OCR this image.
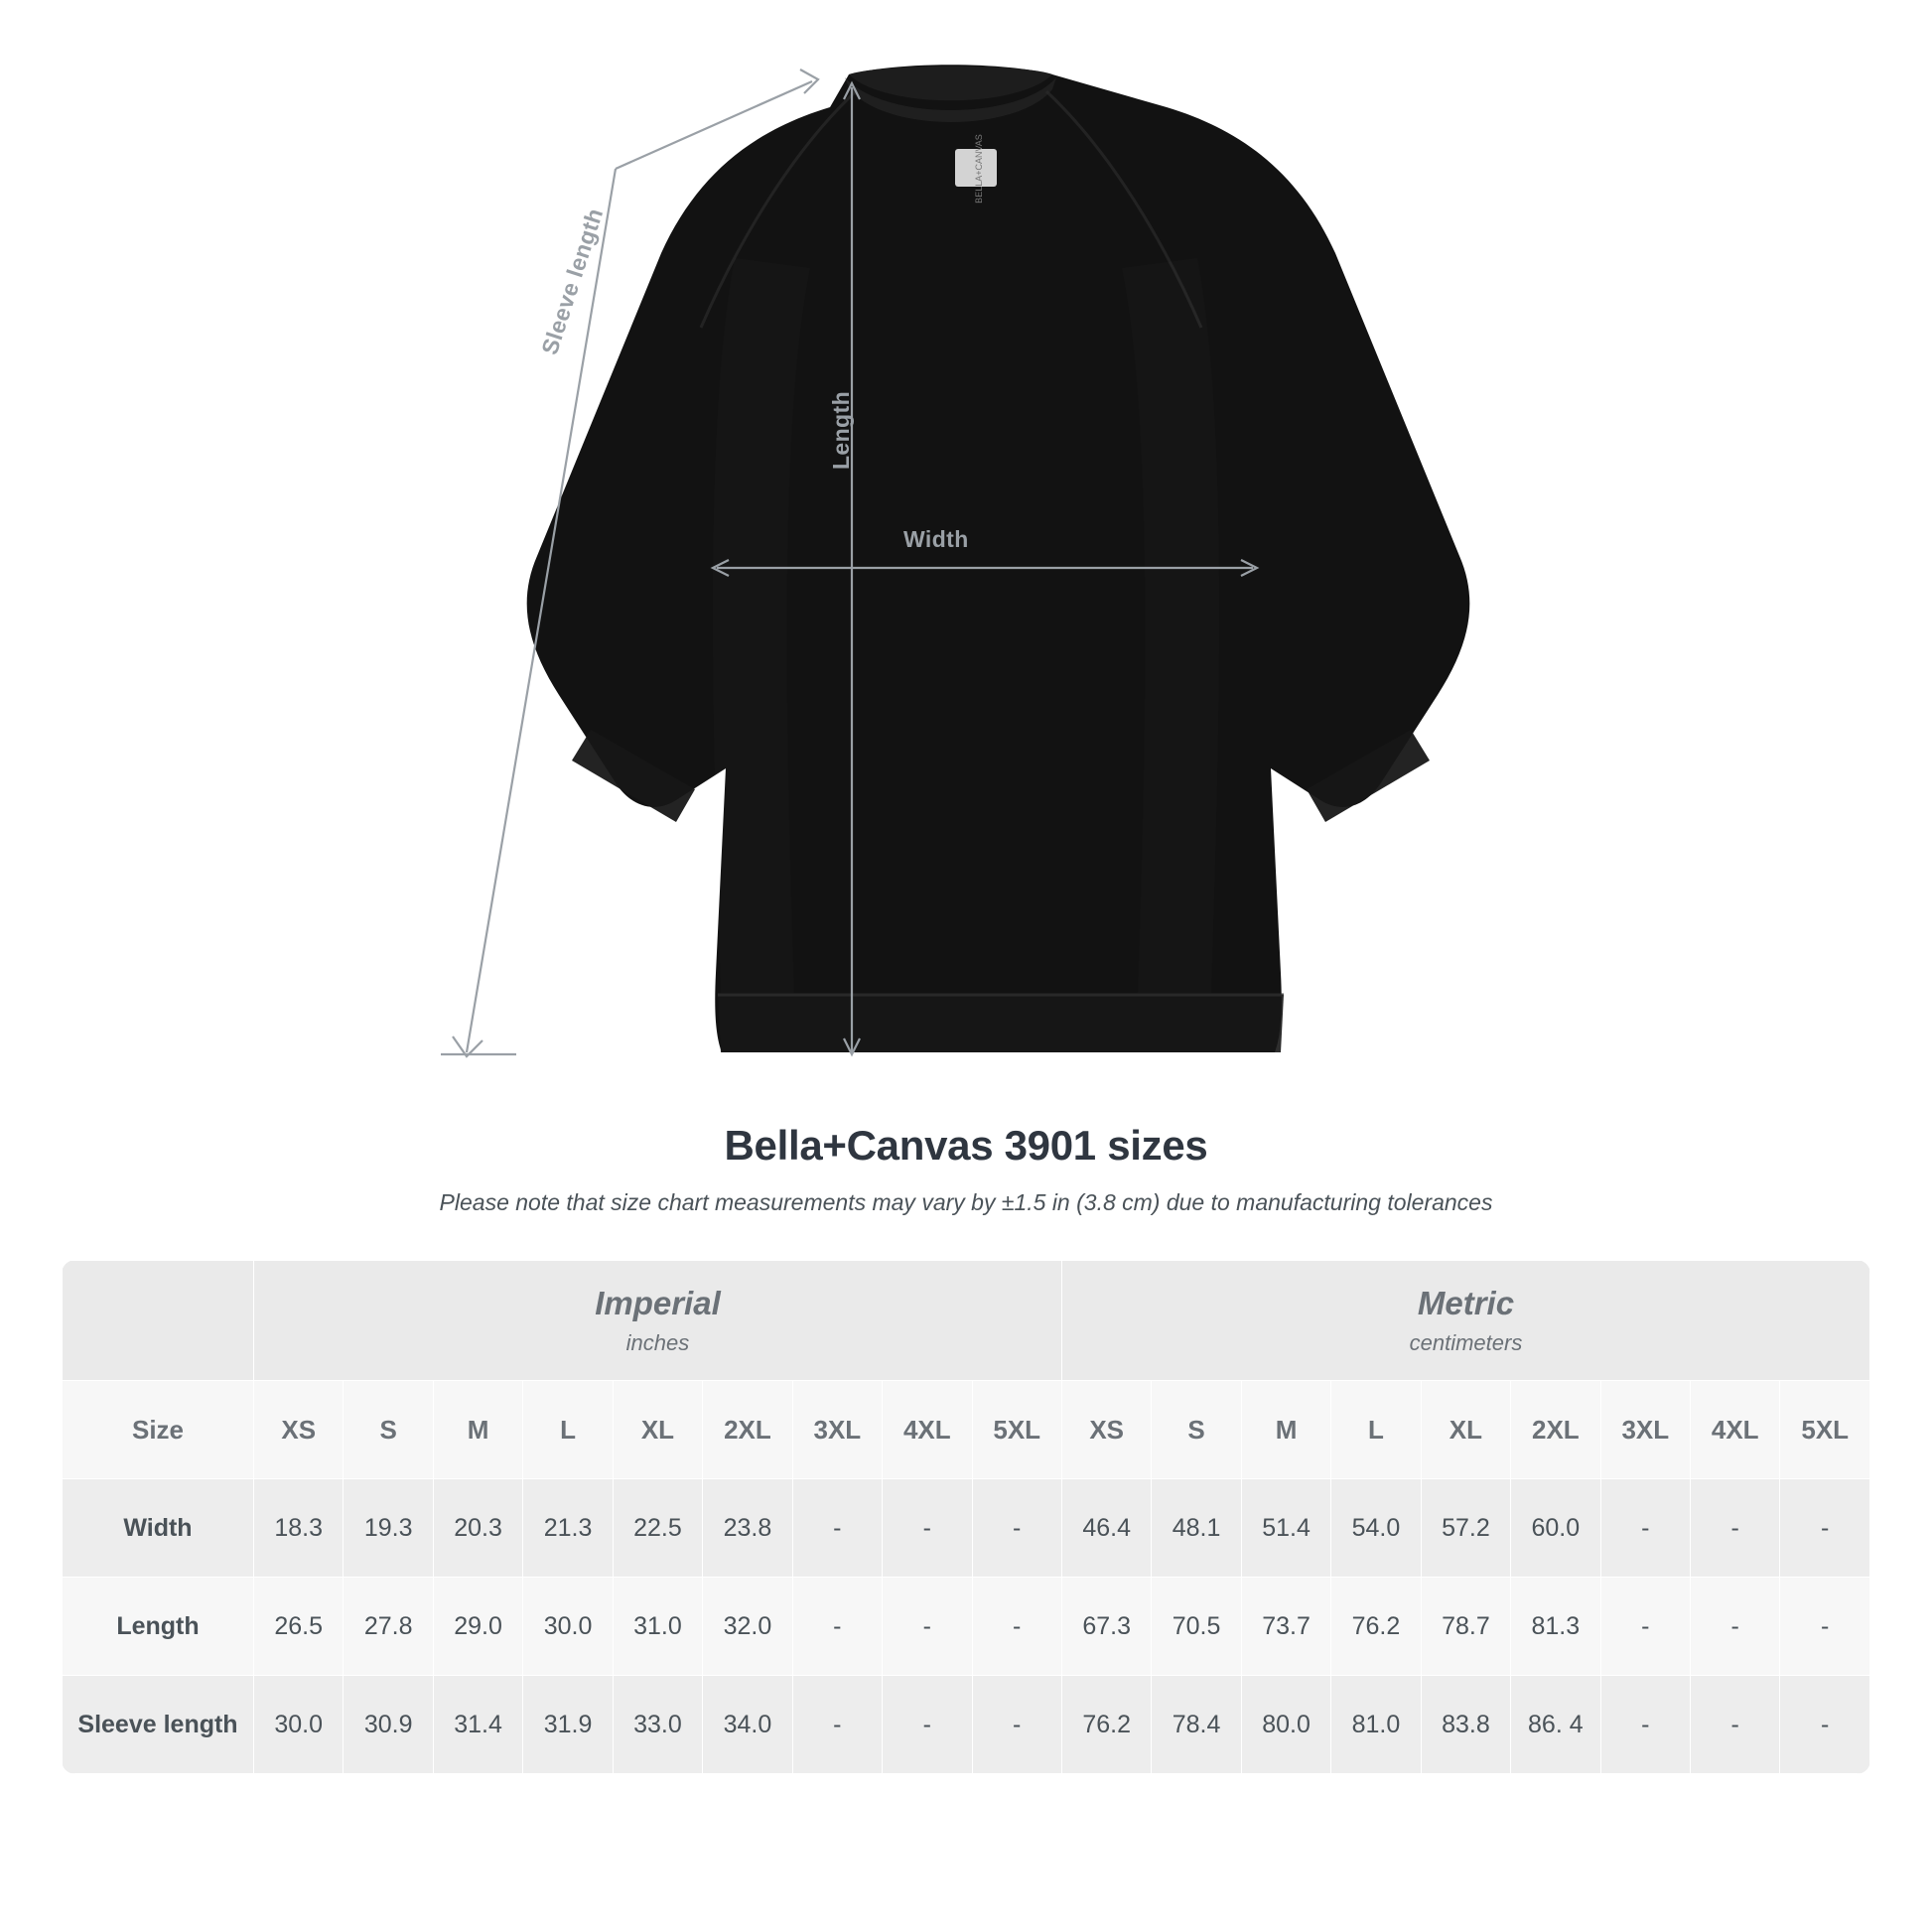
BELLA+CANVAS
Sleeve length
Length
Width
Bella+Canvas 3901 sizes
Please note that size chart measurements may vary by ±1.5 in (3.8 cm) due to manufacturing tolerances

Imperial
inches

Metric
centimeters

Size	XS	S	M	L	XL	2XL	3XL	4XL	5XL	XS	S	M	L	XL	2XL	3XL	4XL	5XL
Width	18.3	19.3	20.3	21.3	22.5	23.8	-	-	-	46.4	48.1	51.4	54.0	57.2	60.0	-	-	-
Length	26.5	27.8	29.0	30.0	31.0	32.0	-	-	-	67.3	70.5	73.7	76.2	78.7	81.3	-	-	-
Sleeve length	30.0	30.9	31.4	31.9	33.0	34.0	-	-	-	76.2	78.4	80.0	81.0	83.8	86. 4	-	-	-
